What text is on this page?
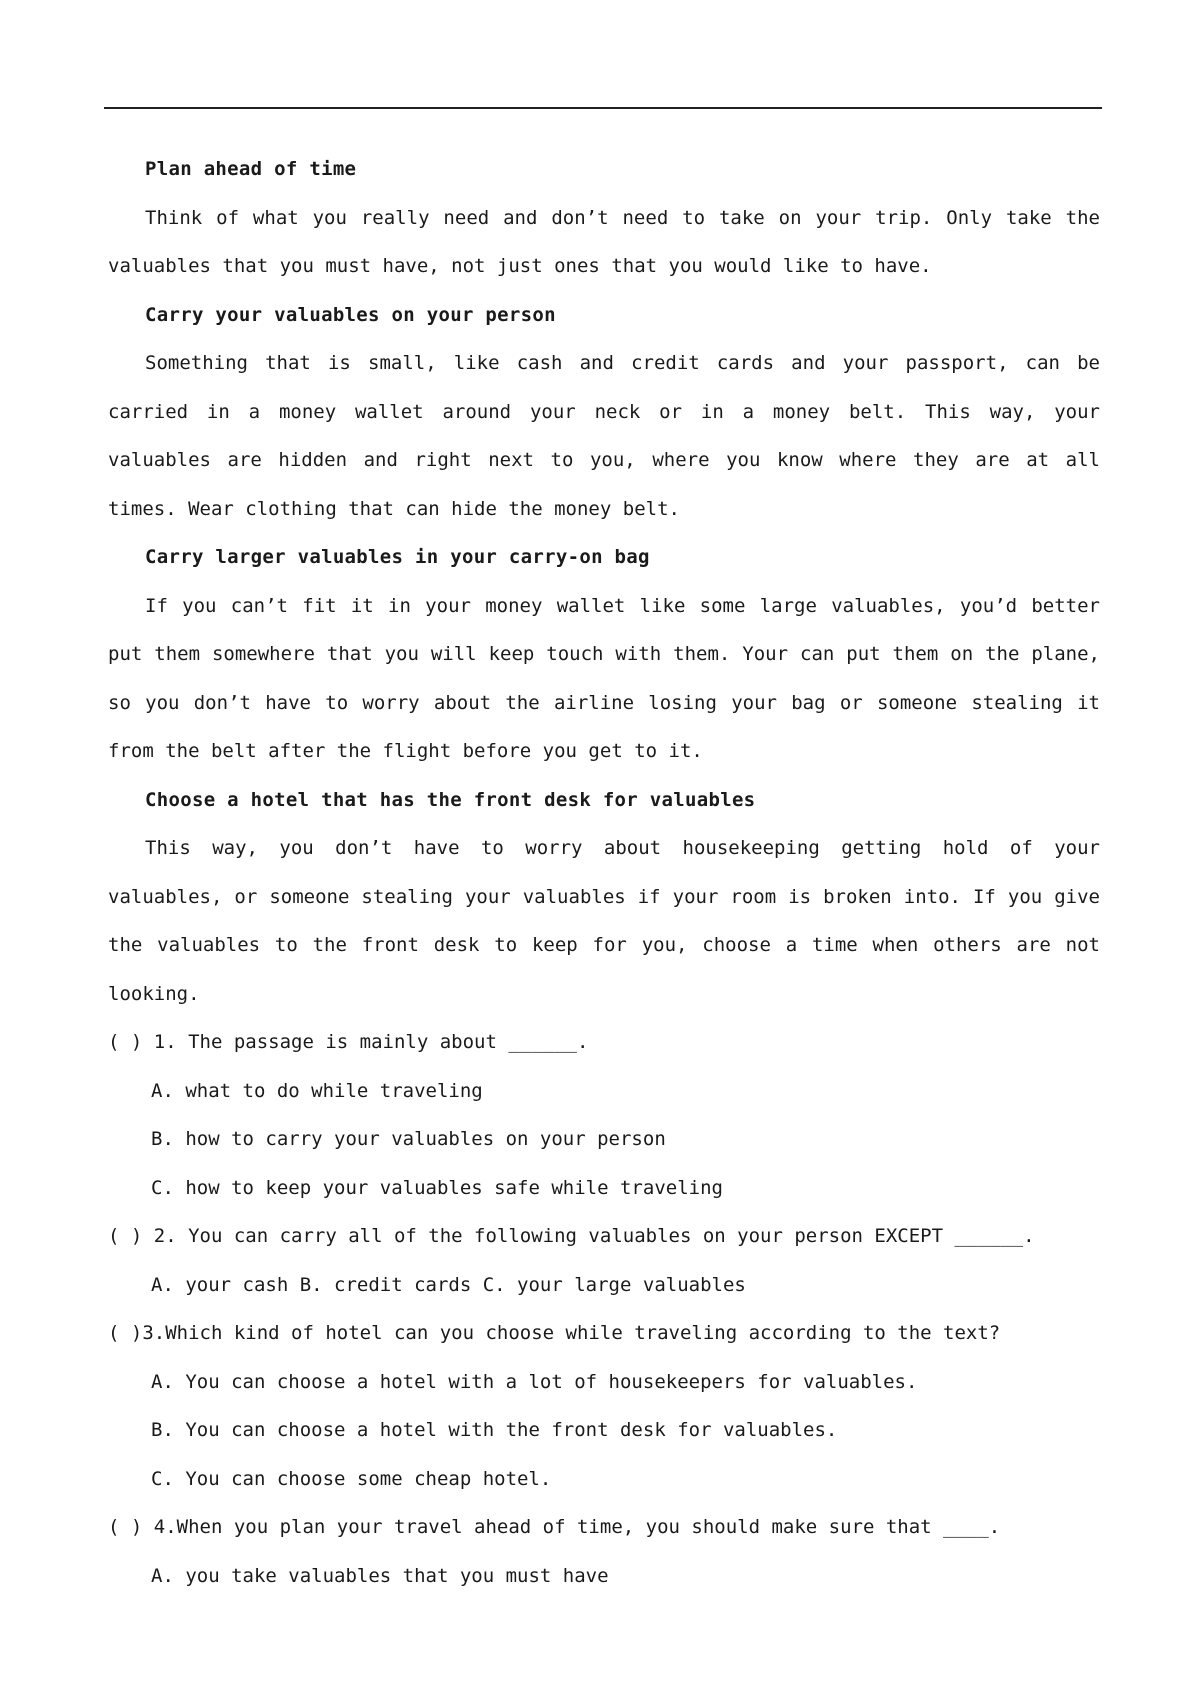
Plan ahead of time
Think of what you really need and don’t need to take on your trip. Only take the valuables that you must have, not just ones that you would like to have.
Carry your valuables on your person
Something that is small, like cash and credit cards and your passport, can be carried in a money wallet around your neck or in a money belt. This way, your valuables are hidden and right next to you, where you know where they are at all times. Wear clothing that can hide the money belt.
Carry larger valuables in your carry-on bag
If you can’t fit it in your money wallet like some large valuables, you’d better put them somewhere that you will keep touch with them. Your can put them on the plane, so you don’t have to worry about the airline losing your bag or someone stealing it from the belt after the flight before you get to it.
Choose a hotel that has the front desk for valuables
This way, you don’t have to worry about housekeeping getting hold of your valuables, or someone stealing your valuables if your room is broken into. If you give the valuables to the front desk to keep for you, choose a time when others are not looking.
( ) 1. The passage is mainly about ______.
A. what to do while traveling
B. how to carry your valuables on your person
C. how to keep your valuables safe while traveling
( ) 2. You can carry all of the following valuables on your person EXCEPT ______.
A. your cash B. credit cards C. your large valuables
( )3.Which kind of hotel can you choose while traveling according to the text?
A. You can choose a hotel with a lot of housekeepers for valuables.
B. You can choose a hotel with the front desk for valuables.
C. You can choose some cheap hotel.
( ) 4.When you plan your travel ahead of time, you should make sure that ____.
A. you take valuables that you must have
